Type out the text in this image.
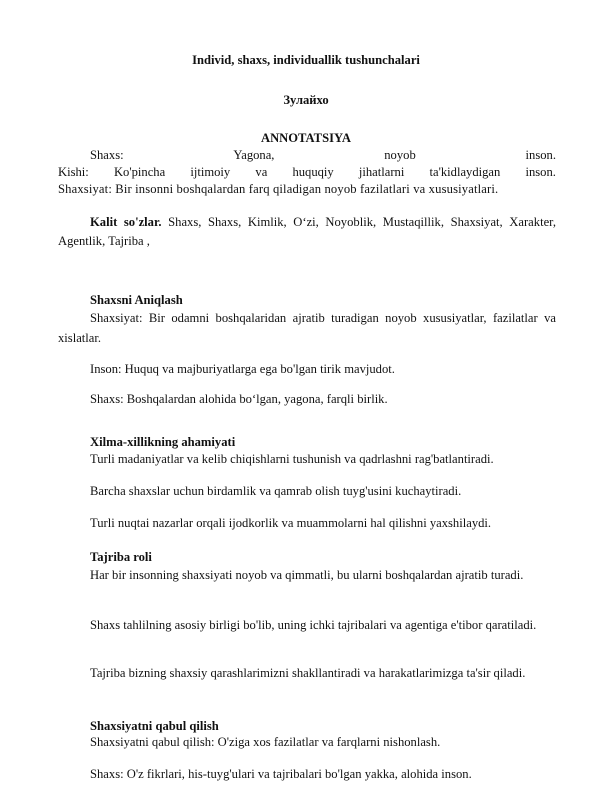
Individ, shaxs, individuallik tushunchalari
Зулайхо
ANNOTATSIYA
Shaxs:	Yagona,	noyob	inson.
Kishi: Ko'pincha ijtimoiy va huquqiy jihatlarni ta'kidlaydigan inson.
Shaxsiyat: Bir insonni boshqalardan farq qiladigan noyob fazilatlari va xususiyatlari.
Kalit so'zlar. Shaxs, Shaxs, Kimlik, O‘zi, Noyoblik, Mustaqillik, Shaxsiyat, Xarakter, Agentlik, Tajriba ,
Shaxsni Aniqlash
Shaxsiyat: Bir odamni boshqalaridan ajratib turadigan noyob xususiyatlar, fazilatlar va xislatlar.
Inson: Huquq va majburiyatlarga ega bo'lgan tirik mavjudot.
Shaxs: Boshqalardan alohida bo‘lgan, yagona, farqli birlik.
Xilma-xillikning ahamiyati
Turli madaniyatlar va kelib chiqishlarni tushunish va qadrlashni rag'batlantiradi.
Barcha shaxslar uchun birdamlik va qamrab olish tuyg'usini kuchaytiradi.
Turli nuqtai nazarlar orqali ijodkorlik va muammolarni hal qilishni yaxshilaydi.
Tajriba roli
Har bir insonning shaxsiyati noyob va qimmatli, bu ularni boshqalardan ajratib turadi.
Shaxs tahlilning asosiy birligi bo'lib, uning ichki tajribalari va agentiga e'tibor qaratiladi.
Tajriba bizning shaxsiy qarashlarimizni shakllantiradi va harakatlarimizga ta'sir qiladi.
Shaxsiyatni qabul qilish
Shaxsiyatni qabul qilish: O'ziga xos fazilatlar va farqlarni nishonlash.
Shaxs: O'z fikrlari, his-tuyg'ulari va tajribalari bo'lgan yakka, alohida inson.
